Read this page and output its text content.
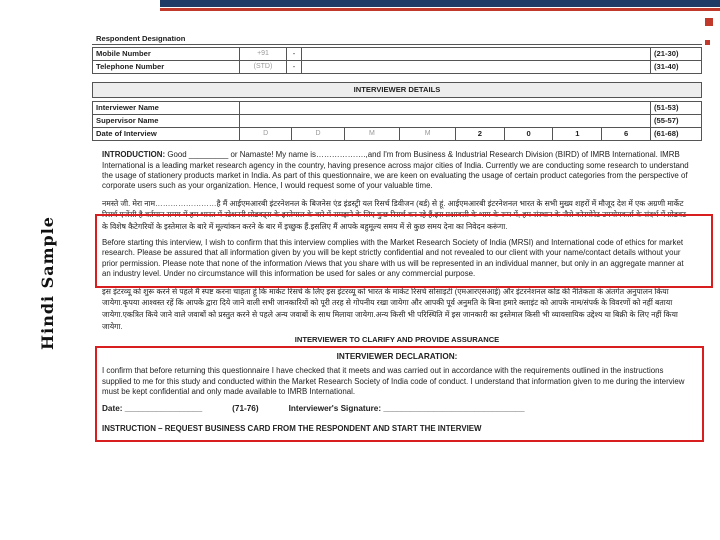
Hindi Sample
Respondent Designation
Mobile Number	+91	-		(21-30)
Telephone Number	(STD)	-		(31-40)
INTERVIEWER DETAILS
Interviewer Name									(51-53)
Supervisor Name									(55-57)
Date of Interview	D	D	M	M	2	0	1	6	(61-68)
INTRODUCTION: Good _________ or Namaste! My name is……………….,and I'm from Business & Industrial Research Division (BIRD) of IMRB International. IMRB International is a leading market research agency in the country, having presence across major cities of India. Currently we are conducting some research to understand the usage of stationery products market in India. As part of this questionnaire, we are keen on evaluating the usage of certain product categories from the perspective of corporate users such as your organization. Hence, I would request some of your valuable time.
नमस्ते जी. मेरा नाम……………………है मैं आईएमआरबी इंटरनेशनल के बिजनेस एंड इंडस्ट्री यल रिसर्च डिवीजन (बर्ड) से हूं. आईएमआरबी इंटरनेशनल भारत के सभी मुख्य शहरों में मौजूद देश में एक अग्रणी मार्केट रिसर्च एजेंसी है वर्तमान समय में हम भारत में स्टेशनरी प्रोडक्ट्स के इस्तेमाल के बारे में समझने के लिए कुछ रिसर्च कर रहे हैं.इस प्रश्नावली के भाग के रूप में, हम संस्थान के जैसे कोरपोरेट उपयोगकर्ता के संदर्भ में प्रोडक्ट के विशेष कैटेगरियों के इस्तेमाल के बारे में मूल्यांकन करने के बार में इच्छुक हैं.इसलिए मैं आपके बहुमूल्य समय में से कुछ समय देना का निवेदन करूंगा.
Before starting this interview, I wish to confirm that this interview complies with the Market Research Society of India (MRSI) and International code of ethics for market research. Please be assured that all information given by you will be kept strictly confidential and not revealed to our client with your name/contact details without your prior permission. Please note that none of the information /views that you share with us will be represented in an individual manner, but only in an aggregate manner at an industry level. Under no circumstance will this information be used for sales or any commercial purpose.
इस इंटरव्यू को शुरू करने से पहले मैं स्पष्ट करना चाहता हूं कि मार्केट रिसर्च के लिए इस इंटरव्यू को भारत के मार्केट रिसर्च सोसाइटी (एमआरएसआई) और इंटरनेशनल कोड की नैतिकता के अंतर्गत अनुपालन किया जायेगा.कृपया आश्वस्त रहें कि आपके द्वारा दिये जाने वाली सभी जानकारियों को पूरी तरह से गोपनीय रखा जायेगा और आपकी पूर्व अनुमति के बिना हमारे क्लाइंट को आपके नाम/संपर्क के विवरणों को नहीं बताया जायेगा.एकत्रित किये जाने वाले जवाबों को प्रस्तुत करने से पहले अन्य जवाबों के साथ मिलाया जायेगा.अन्य किसी भी परिस्थिति में इस जानकारी का इस्तेमाल किसी भी व्यावसायिक उद्देश्य या बिक्री के लिए नहीं किया जायेगा.
INTERVIEWER TO CLARIFY AND PROVIDE ASSURANCE
INTERVIEWER DECLARATION:
I confirm that before returning this questionnaire I have checked that it meets and was carried out in accordance with the requirements outlined in the instructions supplied to me for this study and conducted within the Market Research Society of India code of conduct. I understand that information given to me during the interview must be kept confidential and only made available to IMRB International.
Date: _________________	(71-76)	Interviewer's Signature: _______________________________
INSTRUCTION – REQUEST BUSINESS CARD FROM THE RESPONDENT AND START THE INTERVIEW
